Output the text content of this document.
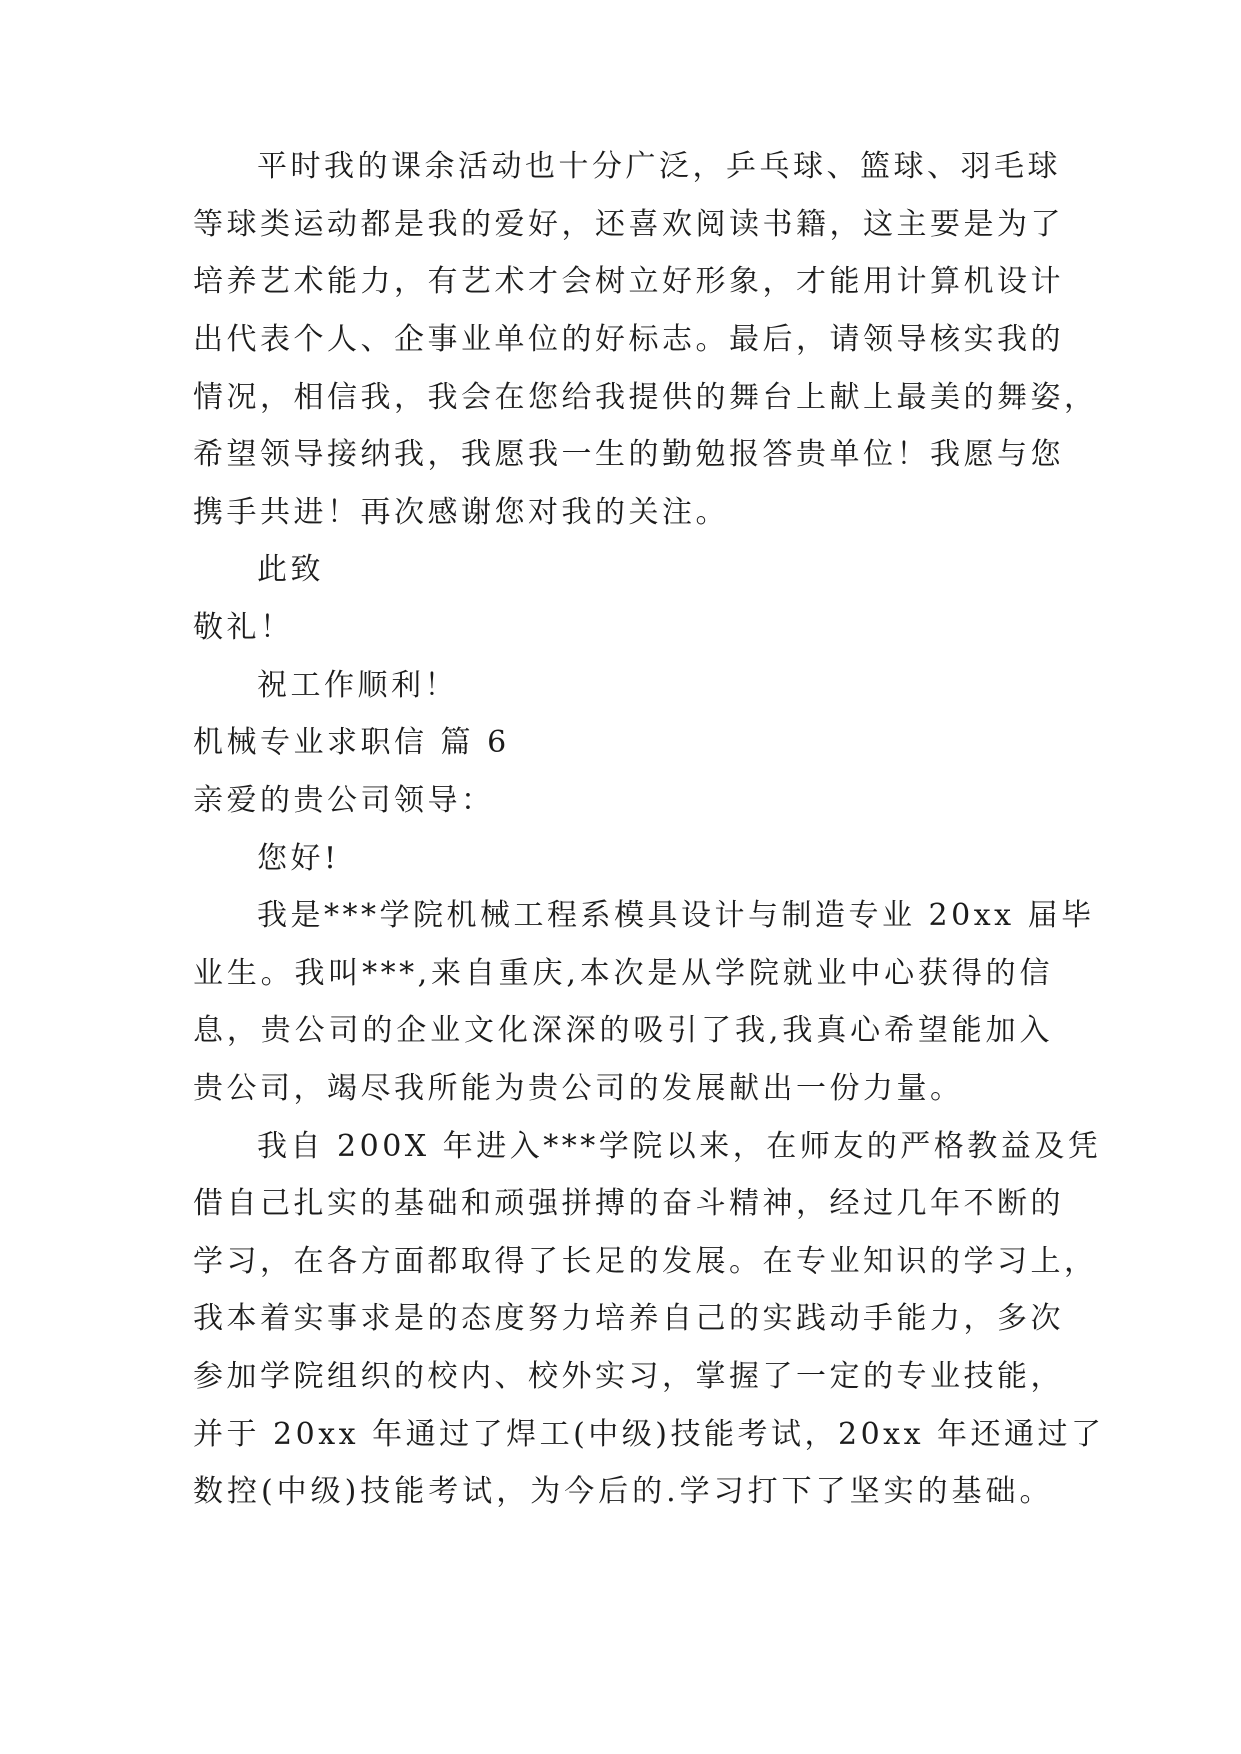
平时我的课余活动也十分广泛，乒乓球、篮球、羽毛球

等球类运动都是我的爱好，还喜欢阅读书籍，这主要是为了

培养艺术能力，有艺术才会树立好形象，才能用计算机设计

出代表个人、企事业单位的好标志。最后，请领导核实我的

情况，相信我，我会在您给我提供的舞台上献上最美的舞姿，

希望领导接纳我，我愿我一生的勤勉报答贵单位！我愿与您

携手共进！再次感谢您对我的关注。

此致

敬礼！

祝工作顺利！

机械专业求职信 篇 6

亲爱的贵公司领导：

您好!

我是***学院机械工程系模具设计与制造专业 20xx 届毕

业生。我叫***,来自重庆,本次是从学院就业中心获得的信

息，贵公司的企业文化深深的吸引了我,我真心希望能加入

贵公司，竭尽我所能为贵公司的发展献出一份力量。

我自 200X 年进入***学院以来，在师友的严格教益及凭

借自己扎实的基础和顽强拼搏的奋斗精神，经过几年不断的

学习，在各方面都取得了长足的发展。在专业知识的学习上，

我本着实事求是的态度努力培养自己的实践动手能力，多次

参加学院组织的校内、校外实习，掌握了一定的专业技能，

并于 20xx 年通过了焊工(中级)技能考试，20xx 年还通过了

数控(中级)技能考试，为今后的.学习打下了坚实的基础。
